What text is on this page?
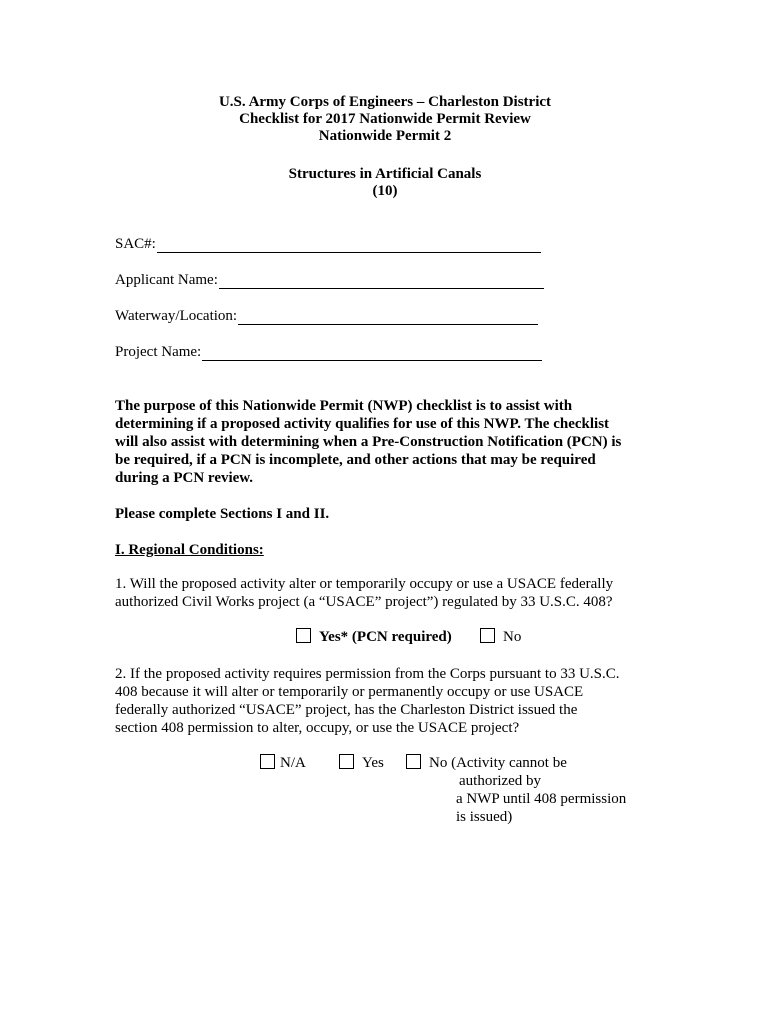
U.S. Army Corps of Engineers – Charleston District
Checklist for 2017 Nationwide Permit Review
Nationwide Permit 2
Structures in Artificial Canals
(10)
SAC#:
Applicant Name:
Waterway/Location:
Project Name:
The purpose of this Nationwide Permit (NWP) checklist is to assist with
determining if a proposed activity qualifies for use of this NWP. The checklist
will also assist with determining when a Pre-Construction Notification (PCN) is
be required, if a PCN is incomplete, and other actions that may be required
during a PCN review.
Please complete Sections I and II.
I. Regional Conditions:
1. Will the proposed activity alter or temporarily occupy or use a USACE federally
authorized Civil Works project (a “USACE” project”) regulated by 33 U.S.C. 408?
Yes* (PCN required)	No
2. If the proposed activity requires permission from the Corps pursuant to 33 U.S.C.
408 because it will alter or temporarily or permanently occupy or use USACE
federally authorized “USACE” project, has the Charleston District issued the
section 408 permission to alter, occupy, or use the USACE project?
N/A	Yes	No (Activity cannot be
authorized by
a NWP until 408 permission
is issued)
